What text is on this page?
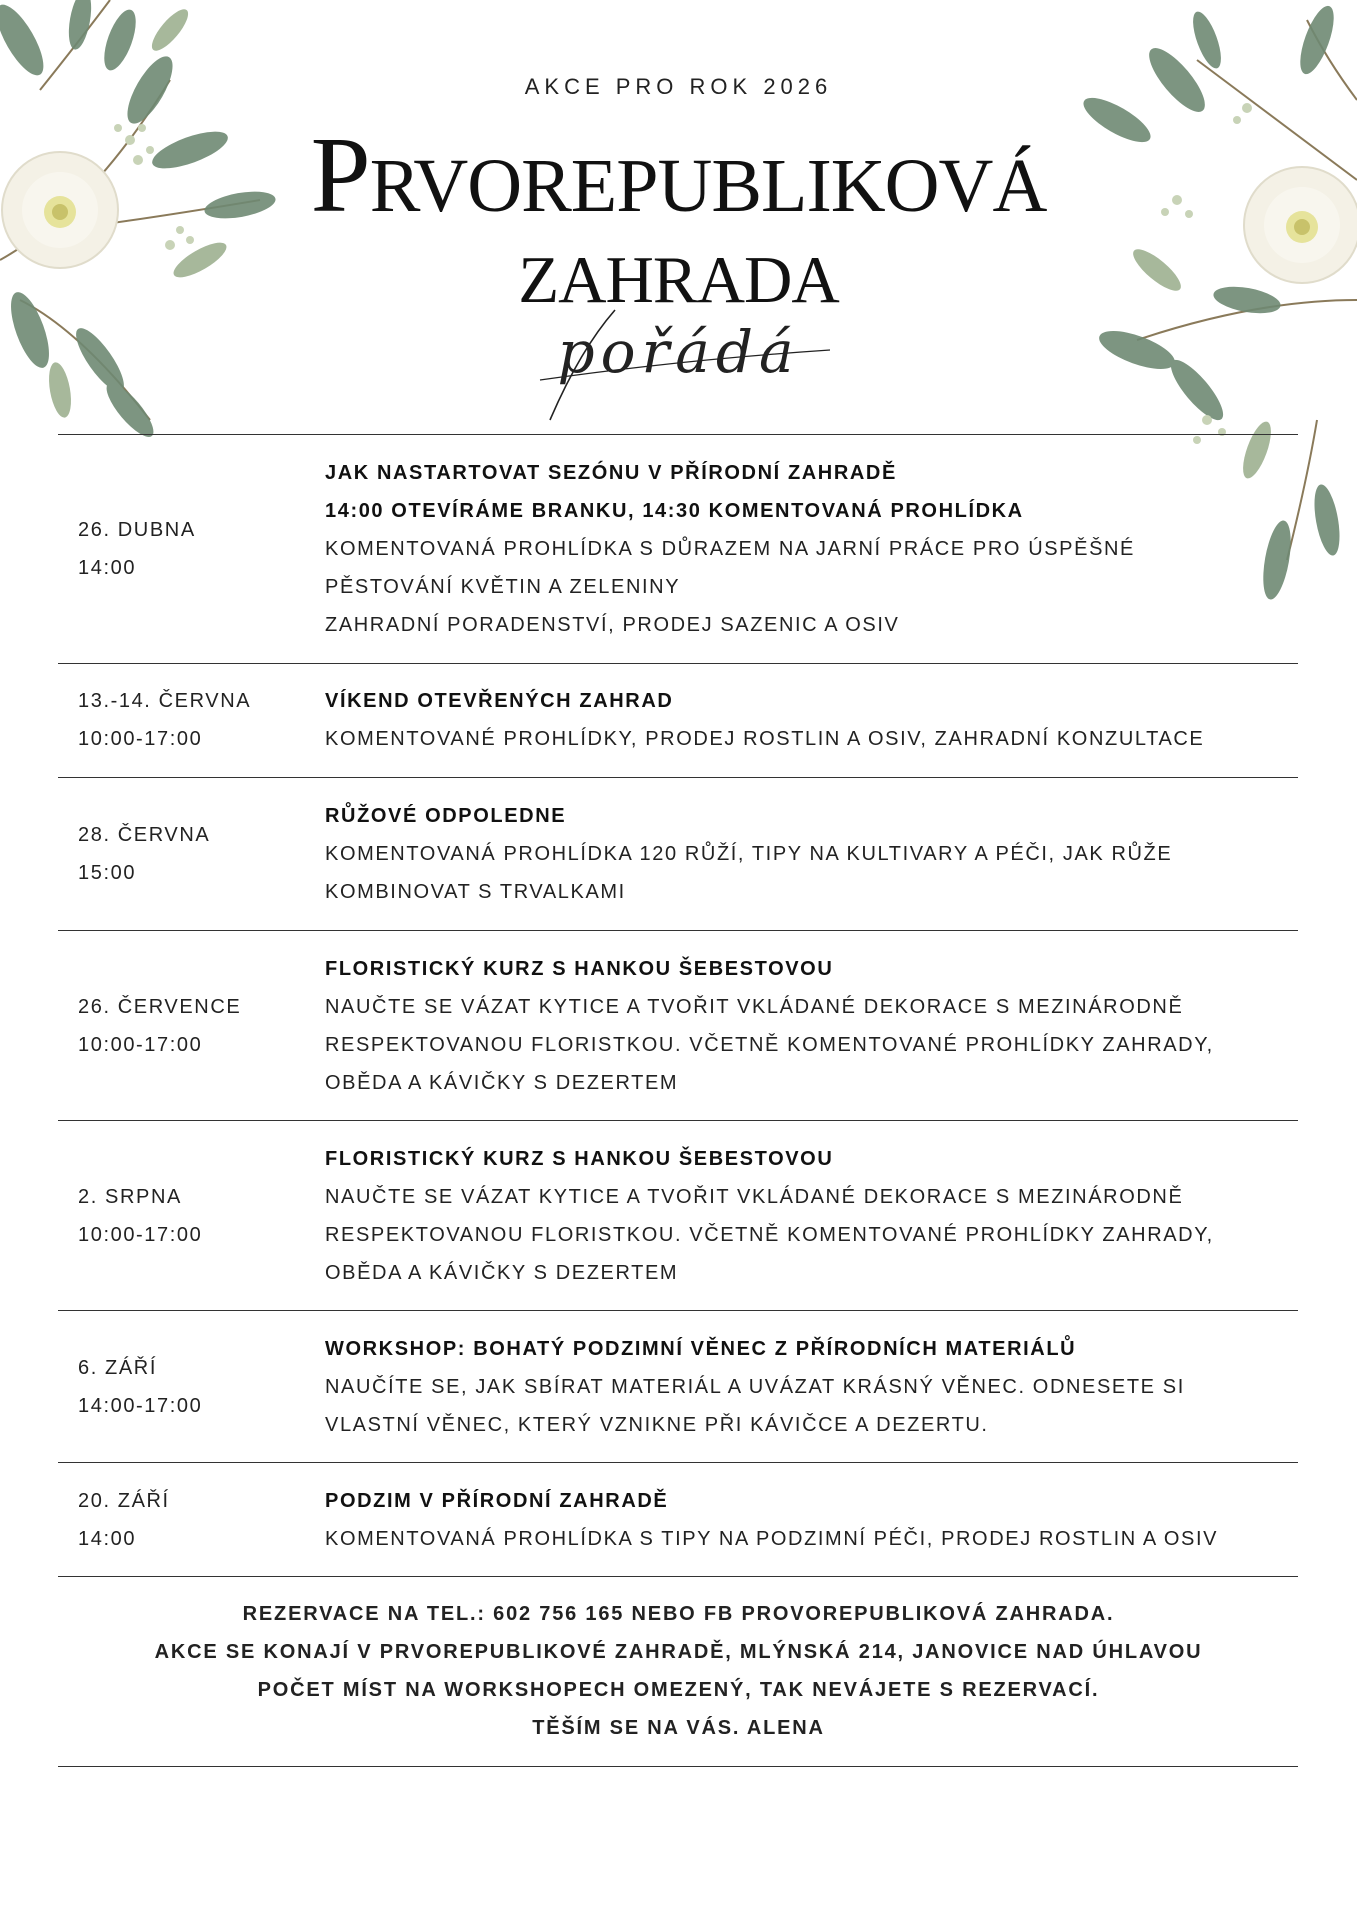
AKCE PRO ROK 2026
Prvorepubliková
zahrada
pořádá
26. DUBNA
14:00
JAK NASTARTOVAT SEZÓNU V PŘÍRODNÍ ZAHRADĚ
14:00 OTEVÍRÁME BRANKU, 14:30 KOMENTOVANÁ PROHLÍDKA
KOMENTOVANÁ PROHLÍDKA S DŮRAZEM NA JARNÍ PRÁCE PRO ÚSPĚŠNÉ
PĚSTOVÁNÍ KVĚTIN A ZELENINY
ZAHRADNÍ PORADENSTVÍ, PRODEJ SAZENIC A OSIV
13.-14. ČERVNA
10:00-17:00
VÍKEND OTEVŘENÝCH ZAHRAD
KOMENTOVANÉ PROHLÍDKY, PRODEJ ROSTLIN A OSIV, ZAHRADNÍ KONZULTACE
28. ČERVNA
15:00
RŮŽOVÉ ODPOLEDNE
KOMENTOVANÁ PROHLÍDKA 120 RŮŽÍ, TIPY NA KULTIVARY A PÉČI, JAK RŮŽE
KOMBINOVAT S TRVALKAMI
26. ČERVENCE
10:00-17:00
FLORISTICKÝ KURZ S HANKOU ŠEBESTOVOU
NAUČTE SE VÁZAT KYTICE A TVOŘIT VKLÁDANÉ DEKORACE S MEZINÁRODNĚ
RESPEKTOVANOU FLORISTKOU. VČETNĚ KOMENTOVANÉ PROHLÍDKY ZAHRADY,
OBĚDA A KÁVIČKY S DEZERTEM
2. SRPNA
10:00-17:00
FLORISTICKÝ KURZ S HANKOU ŠEBESTOVOU
NAUČTE SE VÁZAT KYTICE A TVOŘIT VKLÁDANÉ DEKORACE S MEZINÁRODNĚ
RESPEKTOVANOU FLORISTKOU. VČETNĚ KOMENTOVANÉ PROHLÍDKY ZAHRADY,
OBĚDA A KÁVIČKY S DEZERTEM
6. ZÁŘÍ
14:00-17:00
WORKSHOP: BOHATÝ PODZIMNÍ VĚNEC Z PŘÍRODNÍCH MATERIÁLŮ
NAUČÍTE SE, JAK SBÍRAT MATERIÁL A UVÁZAT KRÁSNÝ VĚNEC. ODNESETE SI
VLASTNÍ VĚNEC, KTERÝ VZNIKNE PŘI KÁVIČCE A DEZERTU.
20. ZÁŘÍ
14:00
PODZIM V PŘÍRODNÍ ZAHRADĚ
KOMENTOVANÁ PROHLÍDKA S TIPY NA PODZIMNÍ PÉČI, PRODEJ ROSTLIN A OSIV
REZERVACE NA TEL.: 602 756 165 NEBO FB PROVOREPUBLIKOVÁ ZAHRADA.
AKCE SE KONAJÍ V PRVOREPUBLIKOVÉ ZAHRADĚ, MLÝNSKÁ 214, JANOVICE NAD ÚHLAVOU
POČET MÍST NA WORKSHOPECH OMEZENÝ, TAK NEVÁJETE S REZERVACÍ.
TĚŠÍM SE NA VÁS. ALENA
